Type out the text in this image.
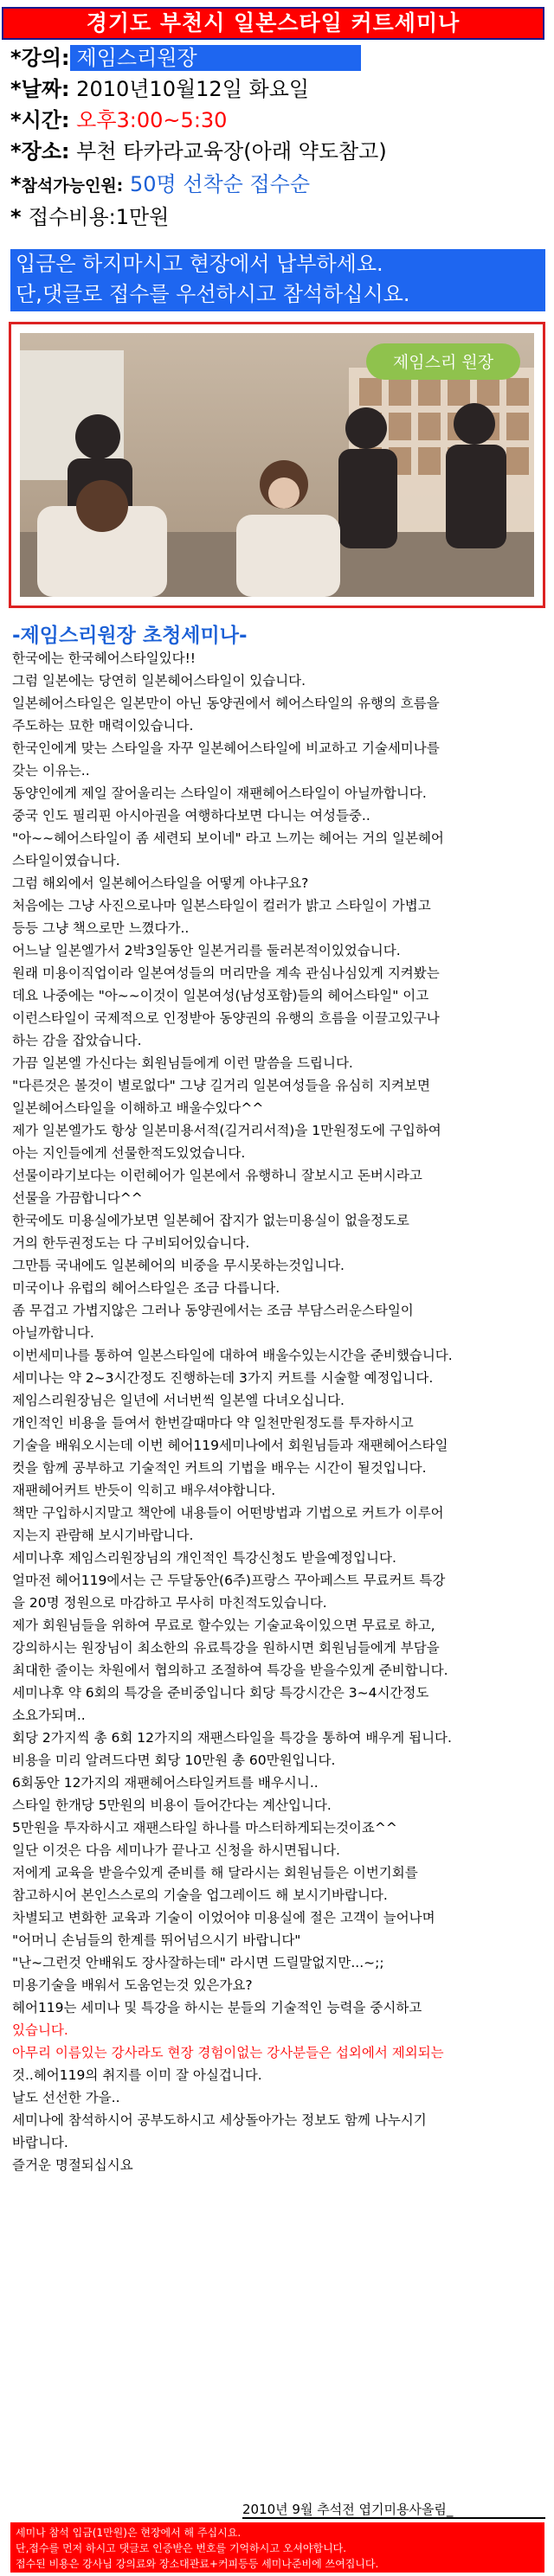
경기도 부천시 일본스타일 커트세미나
*강의: 제임스리원장
*날짜: 2010년10월12일 화요일
*시간: 오후3:00~5:30
*장소: 부천 타카라교육장(아래 약도참고)
*참석가능인원: 50명 선착순 접수순
* 접수비용:1만원
입금은 하지마시고 현장에서 납부하세요.
단,댓글로 접수를 우선하시고 참석하십시요.
제임스리 원장
-제임스리원장 초청세미나-

한국에는 한국헤어스타일있다!!

그럼 일본에는 당연히 일본헤어스타일이 있습니다.

일본헤어스타일은 일본만이 아닌 동양권에서 헤어스타일의 유행의 흐름을

주도하는 묘한 매력이있습니다.

한국인에게 맞는 스타일을 자꾸 일본헤어스타일에 비교하고 기술세미나를

갖는 이유는..

동양인에게 제일 잘어울리는 스타일이 재팬헤어스타일이 아닐까합니다.

중국 인도 필리핀 아시아권을 여행하다보면 다니는 여성들중..

"아~~헤어스타일이 좀 세련되 보이네" 라고 느끼는 헤어는 거의 일본헤어

스타일이였습니다.

그럼 해외에서 일본헤어스타일을 어떻게 아냐구요?

처음에는 그냥 사진으로나마 일본스타일이 컬러가 밝고 스타일이 가볍고

등등 그냥 책으로만 느꼈다가..

어느날 일본엘가서 2박3일동안 일본거리를 둘러본적이있었습니다.

원래 미용이직업이라 일본여성들의 머리만을 계속 관심나심있게 지켜봤는

데요 나중에는 "아~~이것이 일본여성(남성포함)들의 헤어스타일" 이고

이런스타일이 국제적으로 인정받아 동양권의 유행의 흐름을 이끌고있구나

하는 감을 잡았습니다.

가끔 일본엘 가신다는 회원님들에게 이런 말씀을 드립니다.

"다른것은 볼것이 별로없다" 그냥 길거리 일본여성들을 유심히 지켜보면

일본헤어스타일을 이해하고 배울수있다^^

제가 일본엘가도 항상 일본미용서적(길거리서적)을 1만원정도에 구입하여

아는 지인들에게 선물한적도있었습니다.

선물이라기보다는 이런헤어가 일본에서 유행하니 잘보시고 돈버시라고

선물을 가끔합니다^^

한국에도 미용실에가보면 일본헤어 잡지가 없는미용실이 없을정도로

거의 한두권정도는 다 구비되어있습니다.

그만틈 국내에도 일본헤어의 비중을 무시못하는것입니다.

미국이나 유럽의 헤어스타일은 조금 다릅니다.

좀 무겁고 가볍지않은 그러나 동양권에서는 조금 부담스러운스타일이

아닐까합니다.

이번세미나를 통하여 일본스타일에 대하여 배울수있는시간을 준비했습니다.

세미나는 약 2~3시간정도 진행하는데 3가지 커트를 시술할 예정입니다.

제임스리원장님은 일년에 서너번씩 일본엘 다녀오십니다.

개인적인 비용을 들여서 한번갈때마다 약 일천만원정도를 투자하시고

기술을 배워오시는데 이번 헤어119세미나에서 회원님들과 재팬헤어스타일

컷을 함께 공부하고 기술적인 커트의 기법을 배우는 시간이 될것입니다.

재팬헤어커트 반듯이 익히고 배우셔야합니다.

책만 구입하시지말고 책안에 내용들이 어떤방법과 기법으로 커트가 이루어

지는지 관람해 보시기바랍니다.

세미나후 제임스리원장님의 개인적인 특강신청도 받을예정입니다.

얼마전 헤어119에서는 근 두달동안(6주)프랑스 꾸아페스트 무료커트 특강

을 20명 정원으로 마감하고 무사히 마친적도있습니다.

제가 회원님들을 위하여 무료로 할수있는 기술교육이있으면 무료로 하고,

강의하시는 원장님이 최소한의 유료특강을 원하시면 회원님들에게 부담을

최대한 줄이는 차원에서 협의하고 조절하여 특강을 받을수있게 준비합니다.

세미나후 약 6회의 특강을 준비중입니다 회당 특강시간은 3~4시간정도

소요가되며..

회당 2가지씩 총 6회 12가지의 재팬스타일을 특강을 통하여 배우게 됩니다.

비용을 미리 알려드다면 회당 10만원 총 60만원입니다.

6회동안 12가지의 재팬헤어스타일커트를 배우시니..

스타일 한개당 5만원의 비용이 들어간다는 계산입니다.

5만원을 투자하시고 재팬스타일 하나를 마스터하게되는것이죠^^

일단 이것은 다음 세미나가 끝나고 신청을 하시면됩니다.

저에게 교육을 받을수있게 준비를 해 달라시는 회원님들은 이번기회를

참고하시어 본인스스로의 기술을 업그레이드 해 보시기바랍니다.

차별되고 변화한 교육과 기술이 이었어야 미용실에 절은 고객이 늘어나며

"어머니 손님들의 한계를 뛰어넘으시기 바랍니다"

"난~그런것 안배워도 장사잘하는데" 라시면 드릴말없지만...~;;

미용기술을 배워서 도움얻는것 있은가요?

헤어119는 세미나 및 특강을 하시는 분들의 기술적인 능력을 중시하고

있습니다.

아무리 이름있는 강사라도 현장 경험이없는 강사분들은 섭외에서 제외되는

것..헤어119의 취지를 이미 잘 아실겁니다.

날도 선선한 가을..

세미나에 참석하시어 공부도하시고 세상돌아가는 정보도 함께 나누시기

바랍니다.

즐거운 명절되십시요

2010년 9월 추석전 엽기미용사올림_

세미나 참석 입금(1만원)은 현장에서 해 주십시요.

단,접수를 먼저 하시고 댓글로 인증받은 번호를 기억하시고 오셔야합니다.

접수된 비용은 강사님 강의료와 장소대관료+커피등등 세미나준비에 쓰여집니다.
